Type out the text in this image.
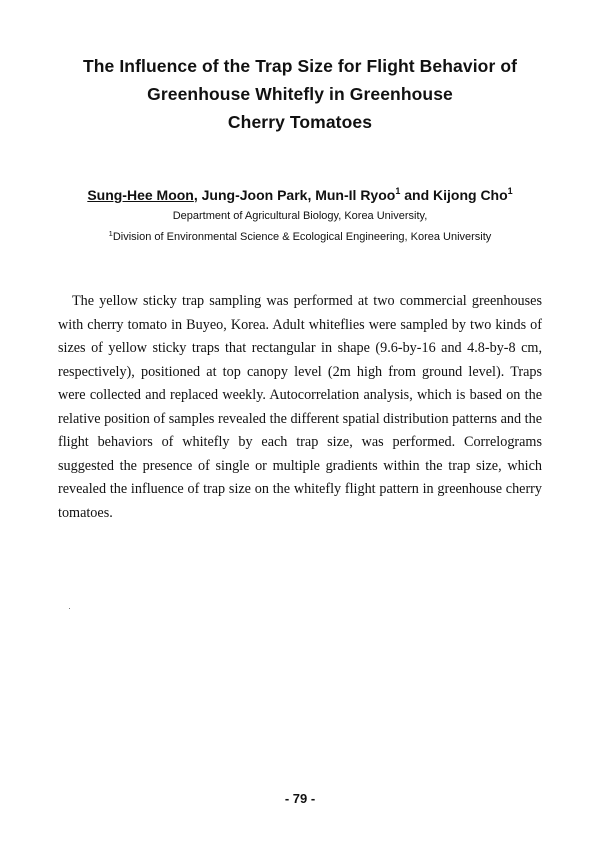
The Influence of the Trap Size for Flight Behavior of
Greenhouse Whitefly in Greenhouse
Cherry Tomatoes
Sung-Hee Moon, Jung-Joon Park, Mun-Il Ryoo$^1$ and Kijong Cho$^1$
Department of Agricultural Biology, Korea University,
$^1$Division of Environmental Science & Ecological Engineering, Korea University

The yellow sticky trap sampling was performed at two commercial greenhouses with cherry tomato in Buyeo, Korea. Adult whiteflies were sampled by two kinds of sizes of yellow sticky traps that rectangular in shape (9.6-by-16 and 4.8-by-8 cm, respectively), positioned at top canopy level (2m high from ground level). Traps were collected and replaced weekly. Autocorrelation analysis, which is based on the relative position of samples revealed the different spatial distribution patterns and the flight behaviors of whitefly by each trap size, was performed. Correlograms suggested the presence of single or multiple gradients within the trap size, which revealed the influence of trap size on the whitefly flight pattern in greenhouse cherry tomatoes.

- 79 -
